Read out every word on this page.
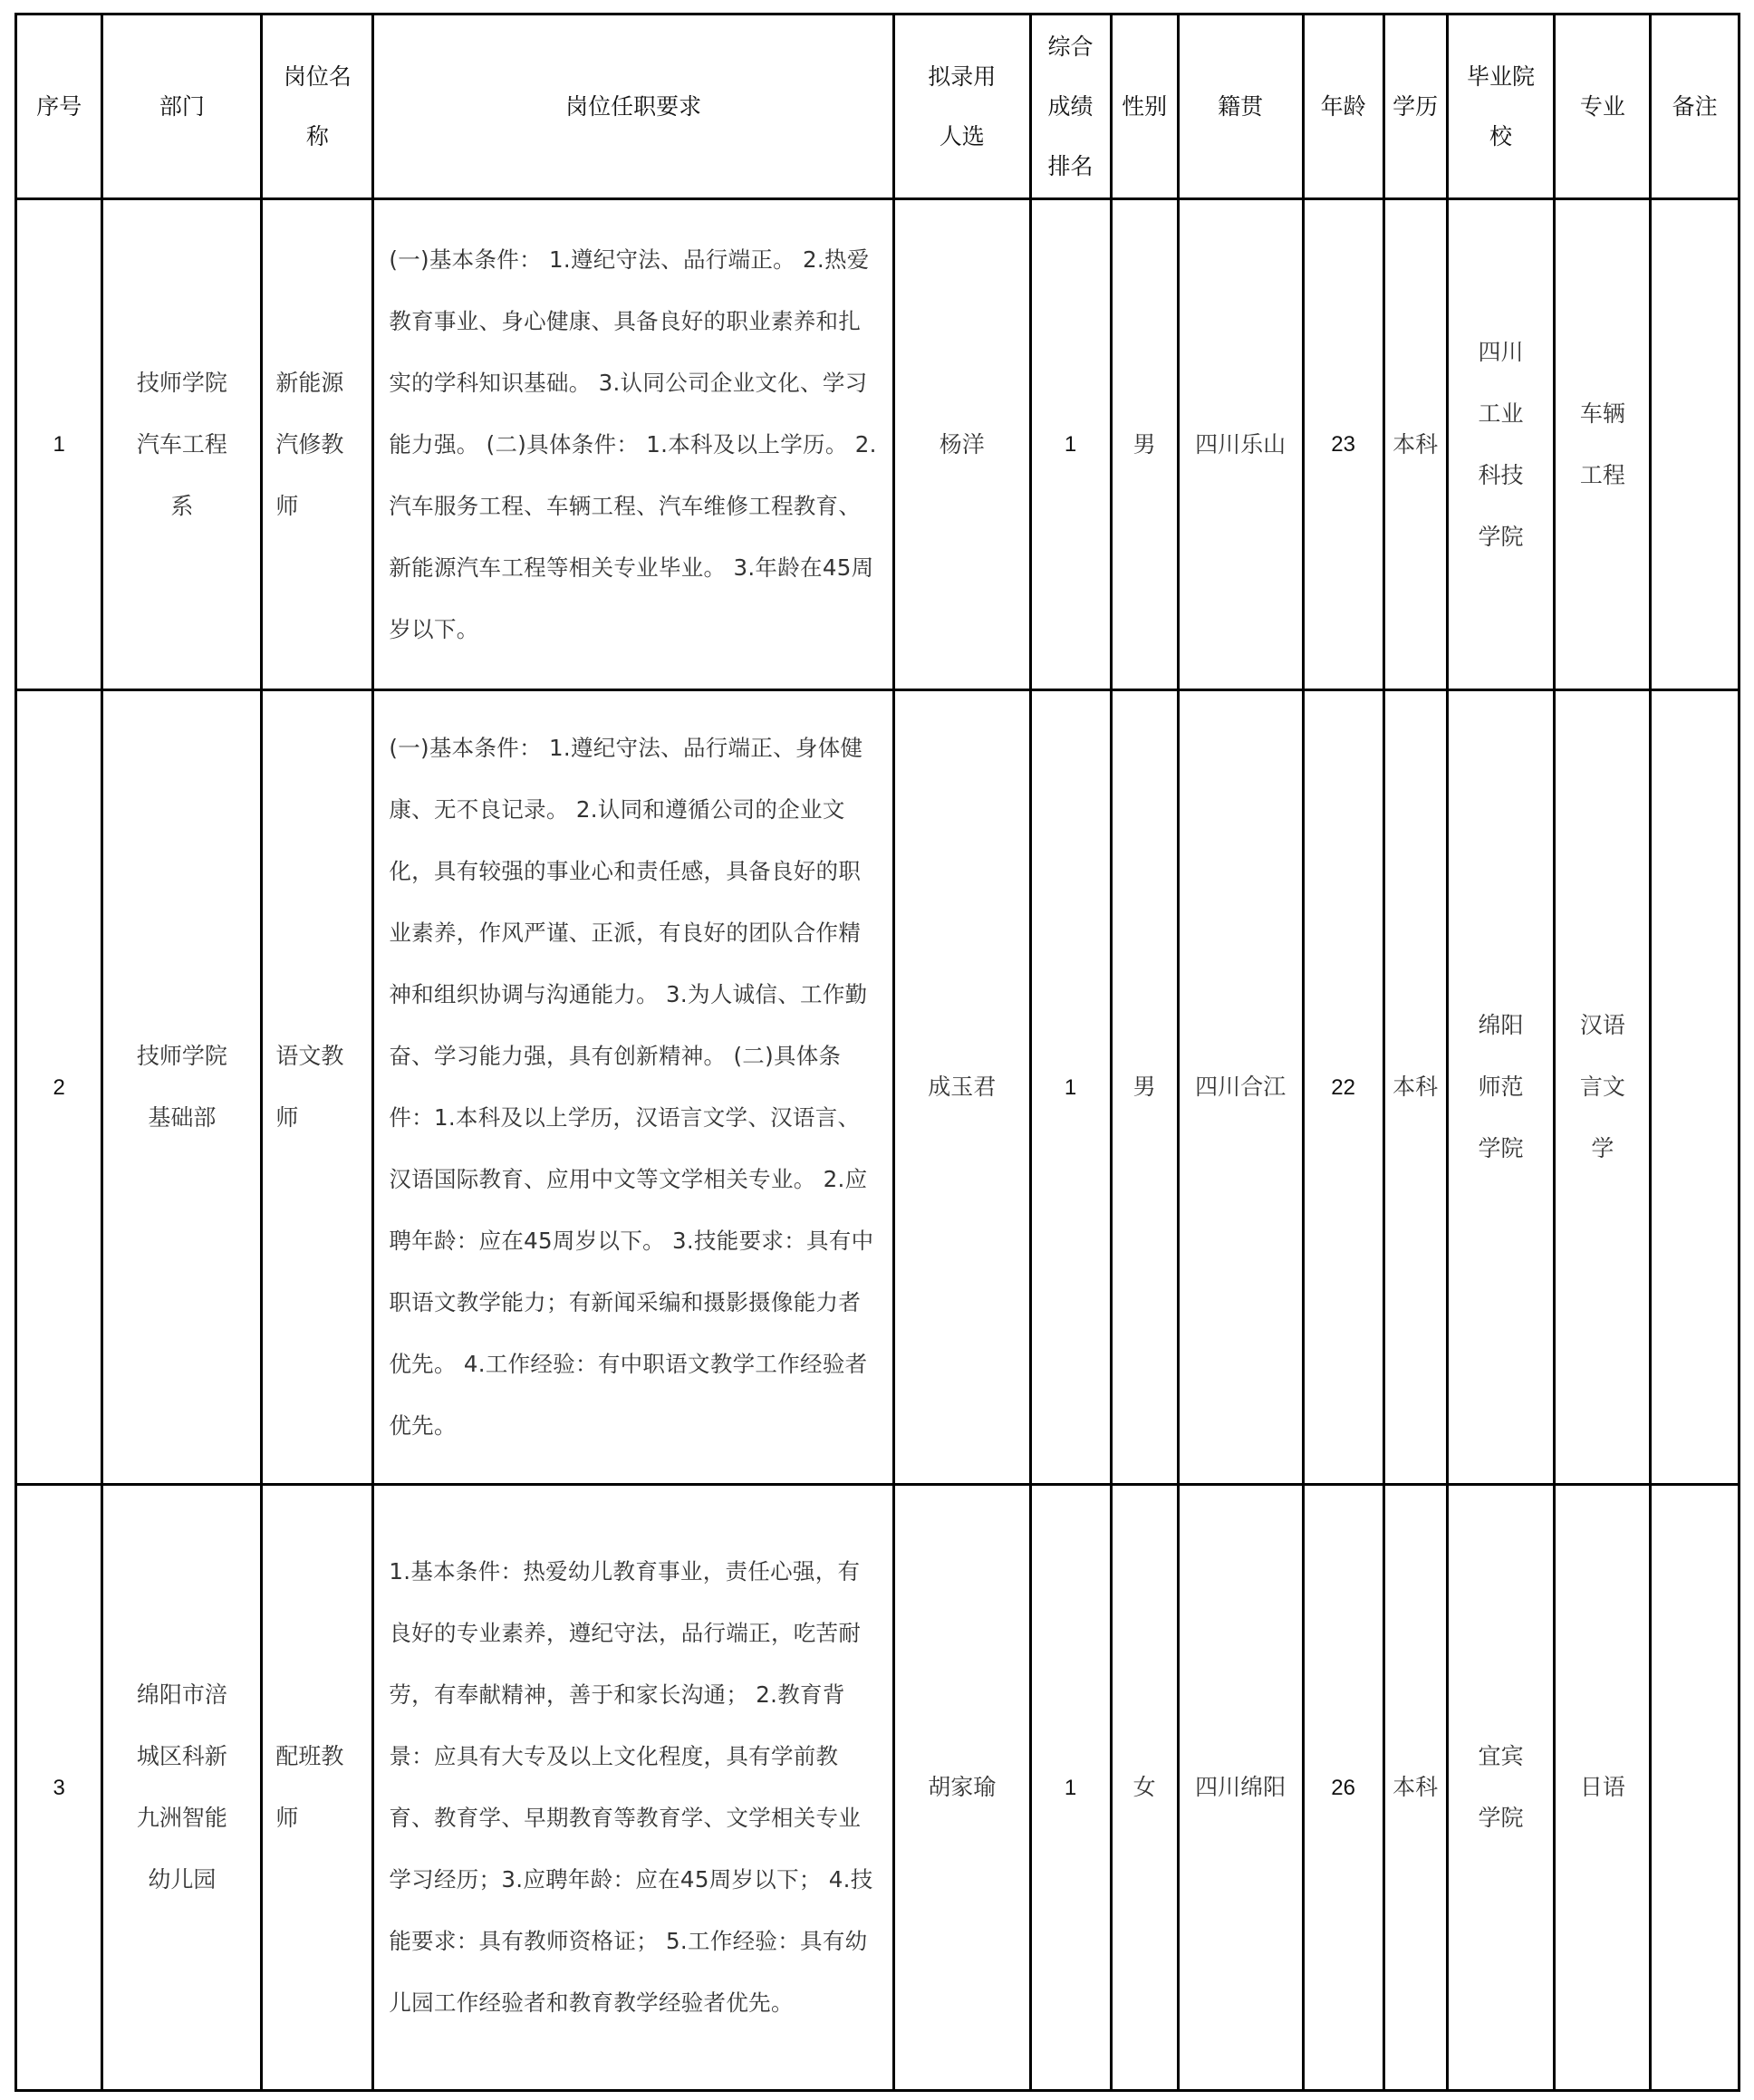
序号	部门	岗位名称	岗位任职要求	拟录用人选	综合成绩排名	性别	籍贯	年龄	学历	毕业院校	专业	备注
1	技师学院汽车工程系	新能源汽修教师	(一)基本条件： 1.遵纪守法、品行端正。 2.热爱教育事业、身心健康、具备良好的职业素养和扎实的学科知识基础。 3.认同公司企业文化、学习能力强。 (二)具体条件： 1.本科及以上学历。 2.汽车服务工程、车辆工程、汽车维修工程教育、新能源汽车工程等相关专业毕业。 3.年龄在45周岁以下。	杨洋	1	男	四川乐山	23	本科	四川工业科技学院	车辆工程	
2	技师学院基础部	语文教师	(一)基本条件： 1.遵纪守法、品行端正、身体健康、无不良记录。 2.认同和遵循公司的企业文化，具有较强的事业心和责任感，具备良好的职业素养，作风严谨、正派，有良好的团队合作精神和组织协调与沟通能力。 3.为人诚信、工作勤奋、学习能力强，具有创新精神。 (二)具体条件：1.本科及以上学历，汉语言文学、汉语言、汉语国际教育、应用中文等文学相关专业。 2.应聘年龄：应在45周岁以下。 3.技能要求：具有中职语文教学能力；有新闻采编和摄影摄像能力者优先。 4.工作经验：有中职语文教学工作经验者优先。	成玉君	1	男	四川合江	22	本科	绵阳师范学院	汉语言文学	
3	绵阳市涪城区科新九洲智能幼儿园	配班教师	1.基本条件：热爱幼儿教育事业，责任心强，有良好的专业素养，遵纪守法，品行端正，吃苦耐劳，有奉献精神，善于和家长沟通； 2.教育背景：应具有大专及以上文化程度，具有学前教育、教育学、早期教育等教育学、文学相关专业学习经历；3.应聘年龄：应在45周岁以下； 4.技能要求：具有教师资格证； 5.工作经验：具有幼儿园工作经验者和教育教学经验者优先。	胡家瑜	1	女	四川绵阳	26	本科	宜宾学院	日语	
